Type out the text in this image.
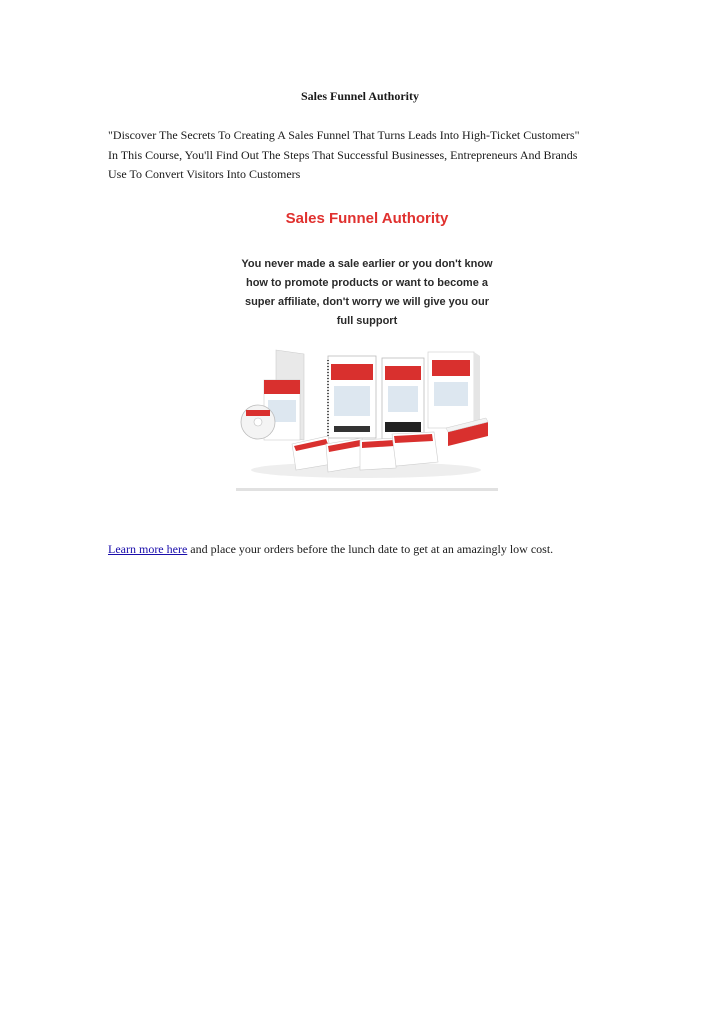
Sales Funnel Authority
"Discover The Secrets To Creating A Sales Funnel That Turns Leads Into High-Ticket Customers"
In This Course, You'll Find Out The Steps That Successful Businesses, Entrepreneurs And Brands
Use To Convert Visitors Into Customers
Sales Funnel Authority
You never made a sale earlier or you don't know
how to promote products or want to become a
super affiliate, don't worry we will give you our
full support
Learn more here and place your orders before the lunch date to get at an amazingly low cost.
